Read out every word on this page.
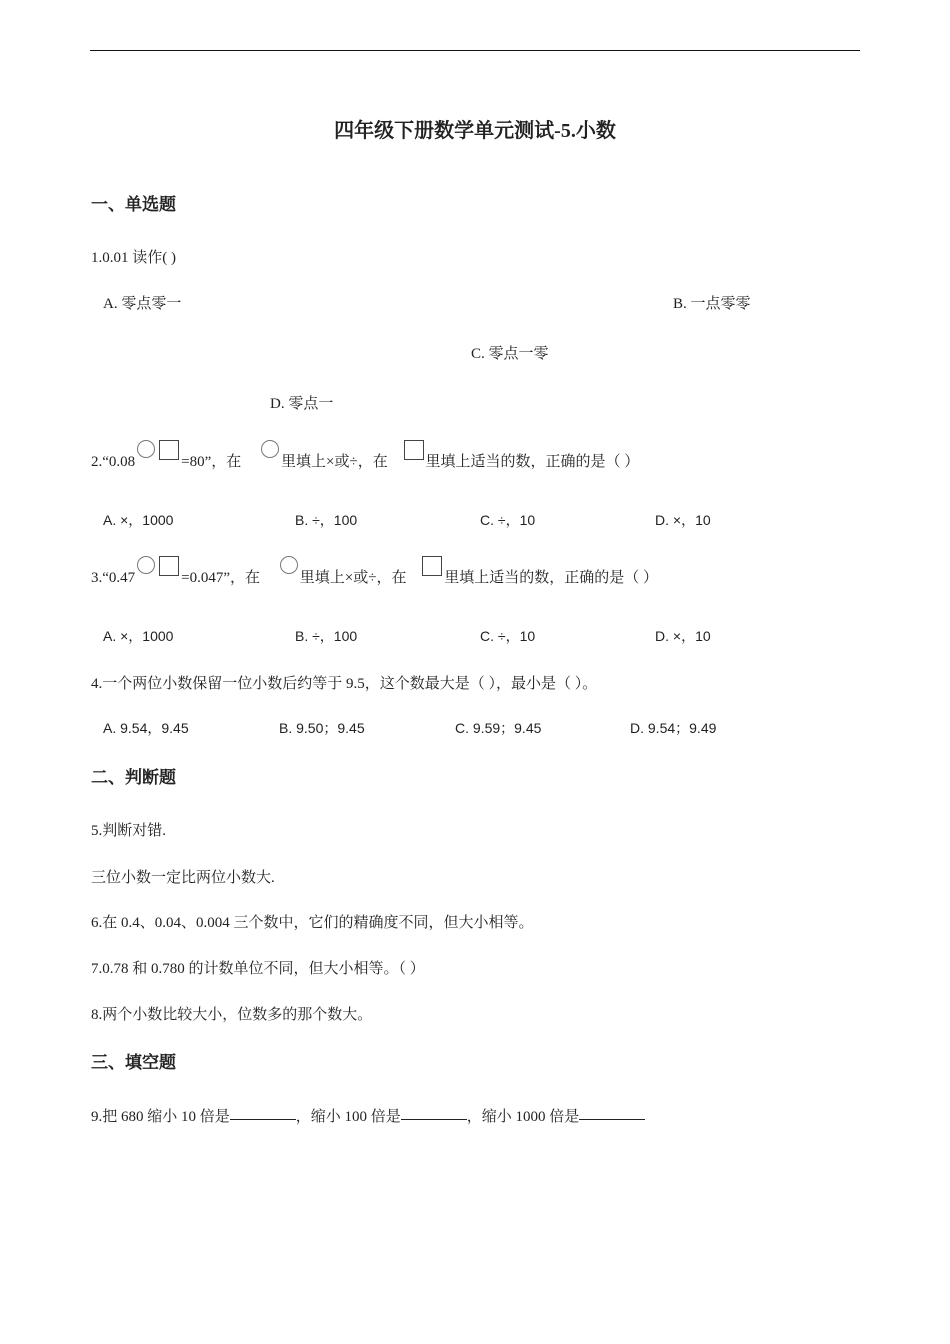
四年级下册数学单元测试-5.小数
一、单选题
1.0.01 读作( )
A. 零点零一	B. 一点零零
C. 零点一零
D. 零点一
2.“0.08	=80”，在	里填上×或÷，在	里填上适当的数，正确的是（ ）
A. ×，1000	B. ÷，100	C. ÷，10	D. ×，10
3.“0.47	=0.047”，在	里填上×或÷，在	里填上适当的数，正确的是（ ）
A. ×，1000	B. ÷，100	C. ÷，10	D. ×，10
4.一个两位小数保留一位小数后约等于 9.5，这个数最大是（ ），最小是（ ）。
A. 9.54，9.45	B. 9.50；9.45	C. 9.59；9.45	D. 9.54；9.49
二、判断题
5.判断对错.
三位小数一定比两位小数大.
6.在 0.4、0.04、0.004 三个数中，它们的精确度不同，但大小相等。
7.0.78 和 0.780 的计数单位不同，但大小相等。（ ）
8.两个小数比较大小，位数多的那个数大。
三、填空题
9.把 680 缩小 10 倍是	，缩小 100 倍是	，缩小 1000 倍是
